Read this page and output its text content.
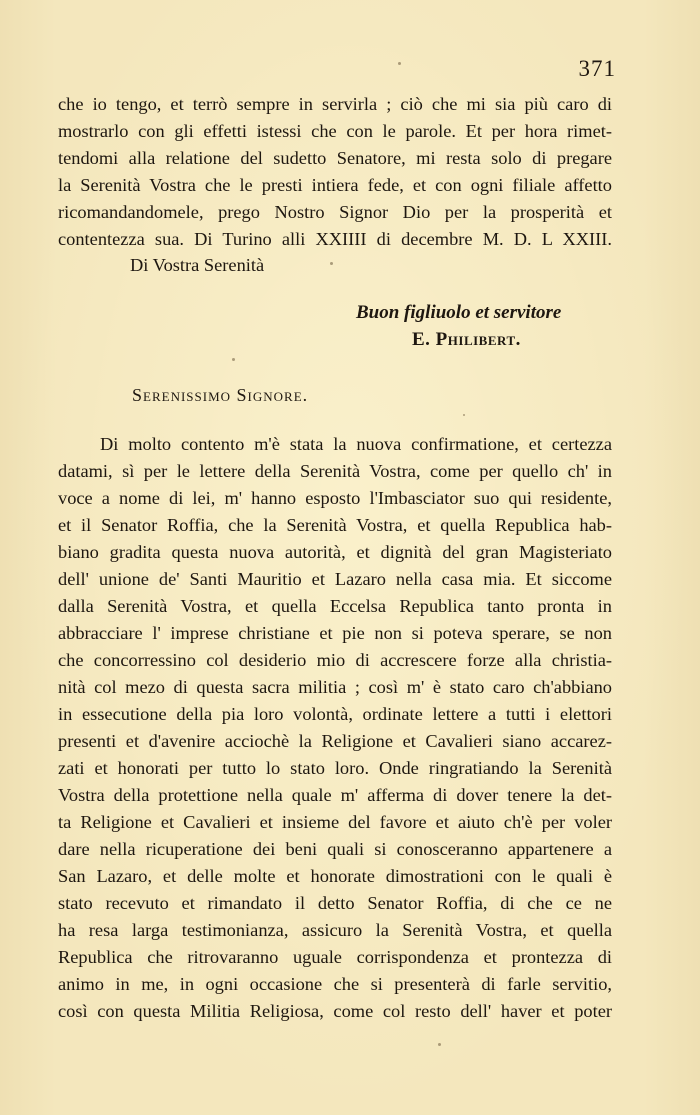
371
che io tengo, et terrò sempre in servirla ; ciò che mi sia più caro di
mostrarlo con gli effetti istessi che con le parole. Et per hora rimet-
tendomi alla relatione del sudetto Senatore, mi resta solo di pregare
la Serenità Vostra che le presti intiera fede, et con ogni filiale affetto
ricomandandomele, prego Nostro Signor Dio per la prosperità et
contentezza sua. Di Turino alli XXIIII di decembre M. D. L XXIII.
Di Vostra Serenità
Buon figliuolo et servitore
E. Philibert.
Serenissimo Signore.
Di molto contento m'è stata la nuova confirmatione, et certezza
datami, sì per le lettere della Serenità Vostra, come per quello ch' in
voce a nome di lei, m' hanno esposto l'Imbasciator suo qui residente,
et il Senator Roffia, che la Serenità Vostra, et quella Republica hab-
biano gradita questa nuova autorità, et dignità del gran Magisteriato
dell' unione de' Santi Mauritio et Lazaro nella casa mia. Et siccome
dalla Serenità Vostra, et quella Eccelsa Republica tanto pronta in
abbracciare l' imprese christiane et pie non si poteva sperare, se non
che concorressino col desiderio mio di accrescere forze alla christia-
nità col mezo di questa sacra militia ; così m' è stato caro ch'abbiano
in essecutione della pia loro volontà, ordinate lettere a tutti i elettori
presenti et d'avenire acciochè la Religione et Cavalieri siano accarez-
zati et honorati per tutto lo stato loro. Onde ringratiando la Serenità
Vostra della protettione nella quale m' afferma di dover tenere la det-
ta Religione et Cavalieri et insieme del favore et aiuto ch'è per voler
dare nella ricuperatione dei beni quali si conosceranno appartenere a
San Lazaro, et delle molte et honorate dimostrationi con le quali è
stato recevuto et rimandato il detto Senator Roffia, di che ce ne
ha resa larga testimonianza, assicuro la Serenità Vostra, et quella
Republica che ritrovaranno uguale corrispondenza et prontezza di
animo in me, in ogni occasione che si presenterà di farle servitio,
così con questa Militia Religiosa, come col resto dell' haver et poter
